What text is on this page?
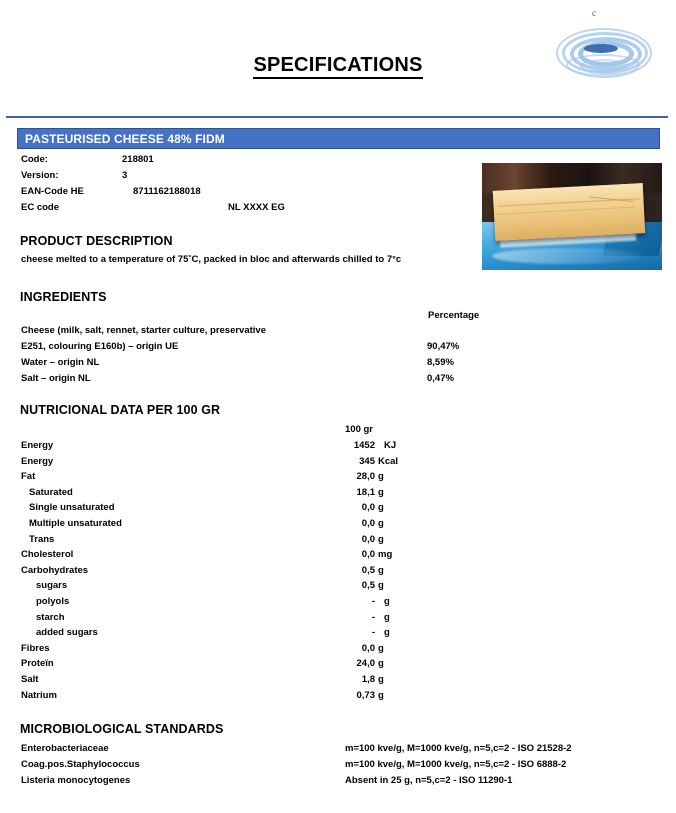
c
SPECIFICATIONS
PASTEURISED CHEESE 48% FIDM
Code:	218801
Version:	3
EAN-Code HE	8711162188018
EC code	NL XXXX EG
PRODUCT DESCRIPTION
cheese melted to a temperature of 75˚C, packed in bloc and afterwards chilled to 7°c
INGREDIENTS
Percentage
Cheese (milk, salt, rennet, starter culture, preservative
E251, colouring E160b) – origin UE	90,47%
Water – origin NL	8,59%
Salt – origin NL	0,47%
NUTRICIONAL DATA PER 100 GR
100 gr
Energy	1452 KJ
Energy	345 Kcal
Fat	28,0 g
Saturated	18,1 g
Single unsaturated	0,0 g
Multiple unsaturated	0,0 g
Trans	0,0 g
Cholesterol	0,0 mg
Carbohydrates	0,5 g
sugars	0,5 g
polyols	- g
starch	- g
added sugars	- g
Fibres	0,0 g
Proteïn	24,0 g
Salt	1,8 g
Natrium	0,73 g
MICROBIOLOGICAL STANDARDS
Enterobacteriaceae	m=100 kve/g, M=1000 kve/g, n=5,c=2 - ISO 21528-2
Coag.pos.Staphylococcus	m=100 kve/g, M=1000 kve/g, n=5,c=2 - ISO 6888-2
Listeria monocytogenes	Absent in 25 g, n=5,c=2 - ISO 11290-1
